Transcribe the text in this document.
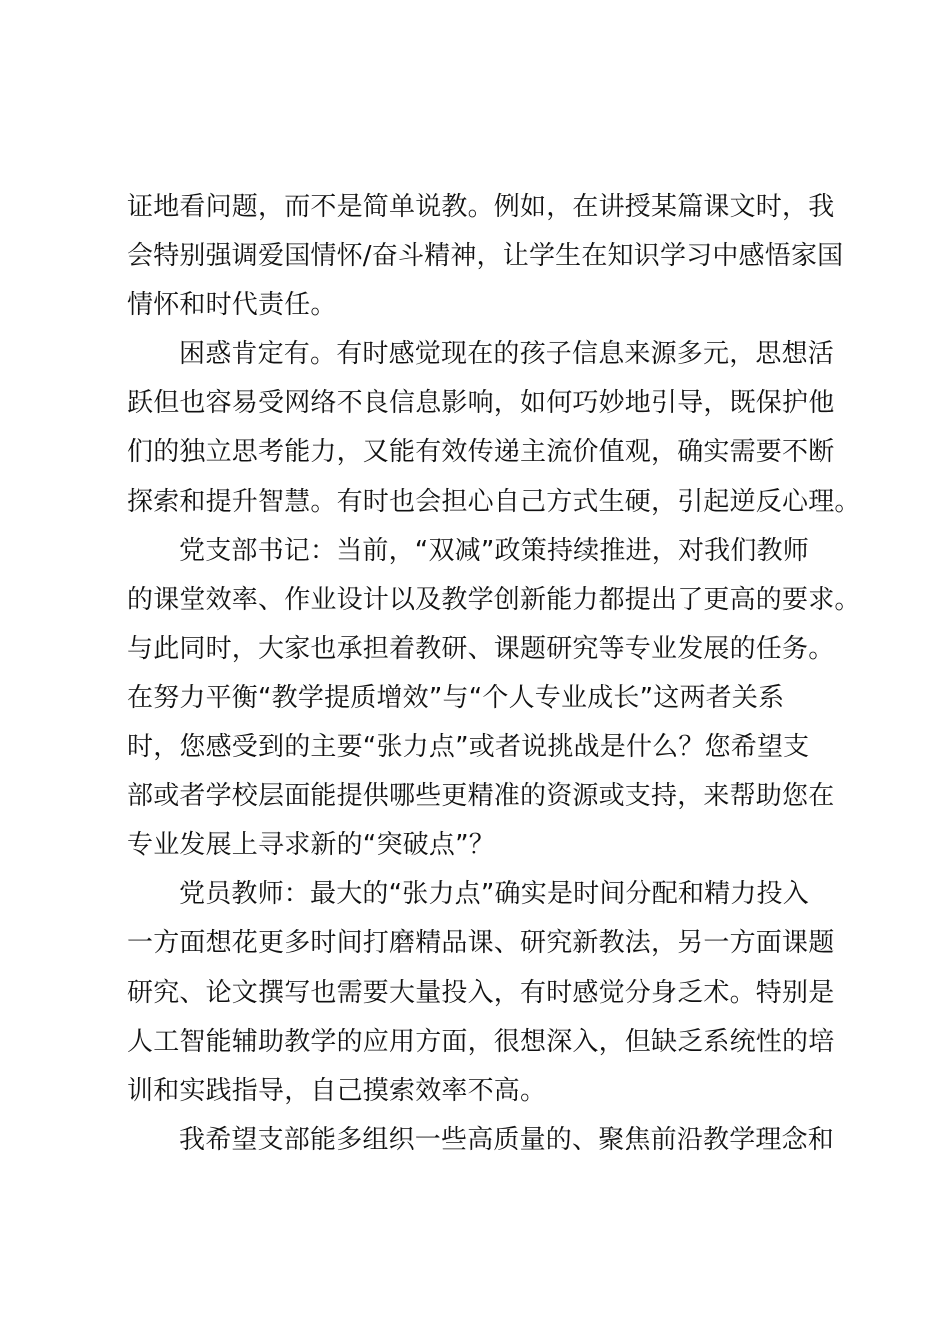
证地看问题，而不是简单说教。例如，在讲授某篇课文时，我
会特别强调爱国情怀/奋斗精神，让学生在知识学习中感悟家国
情怀和时代责任。
困惑肯定有。有时感觉现在的孩子信息来源多元，思想活
跃但也容易受网络不良信息影响，如何巧妙地引导，既保护他
们的独立思考能力，又能有效传递主流价值观，确实需要不断
探索和提升智慧。有时也会担心自己方式生硬，引起逆反心理。
党支部书记：当前，“双减”政策持续推进，对我们教师
的课堂效率、作业设计以及教学创新能力都提出了更高的要求。
与此同时，大家也承担着教研、课题研究等专业发展的任务。
在努力平衡“教学提质增效”与“个人专业成长”这两者关系
时，您感受到的主要“张力点”或者说挑战是什么？您希望支
部或者学校层面能提供哪些更精准的资源或支持，来帮助您在
专业发展上寻求新的“突破点”？
党员教师：最大的“张力点”确实是时间分配和精力投入
一方面想花更多时间打磨精品课、研究新教法，另一方面课题
研究、论文撰写也需要大量投入，有时感觉分身乏术。特别是
人工智能辅助教学的应用方面，很想深入，但缺乏系统性的培
训和实践指导，自己摸索效率不高。
我希望支部能多组织一些高质量的、聚焦前沿教学理念和
